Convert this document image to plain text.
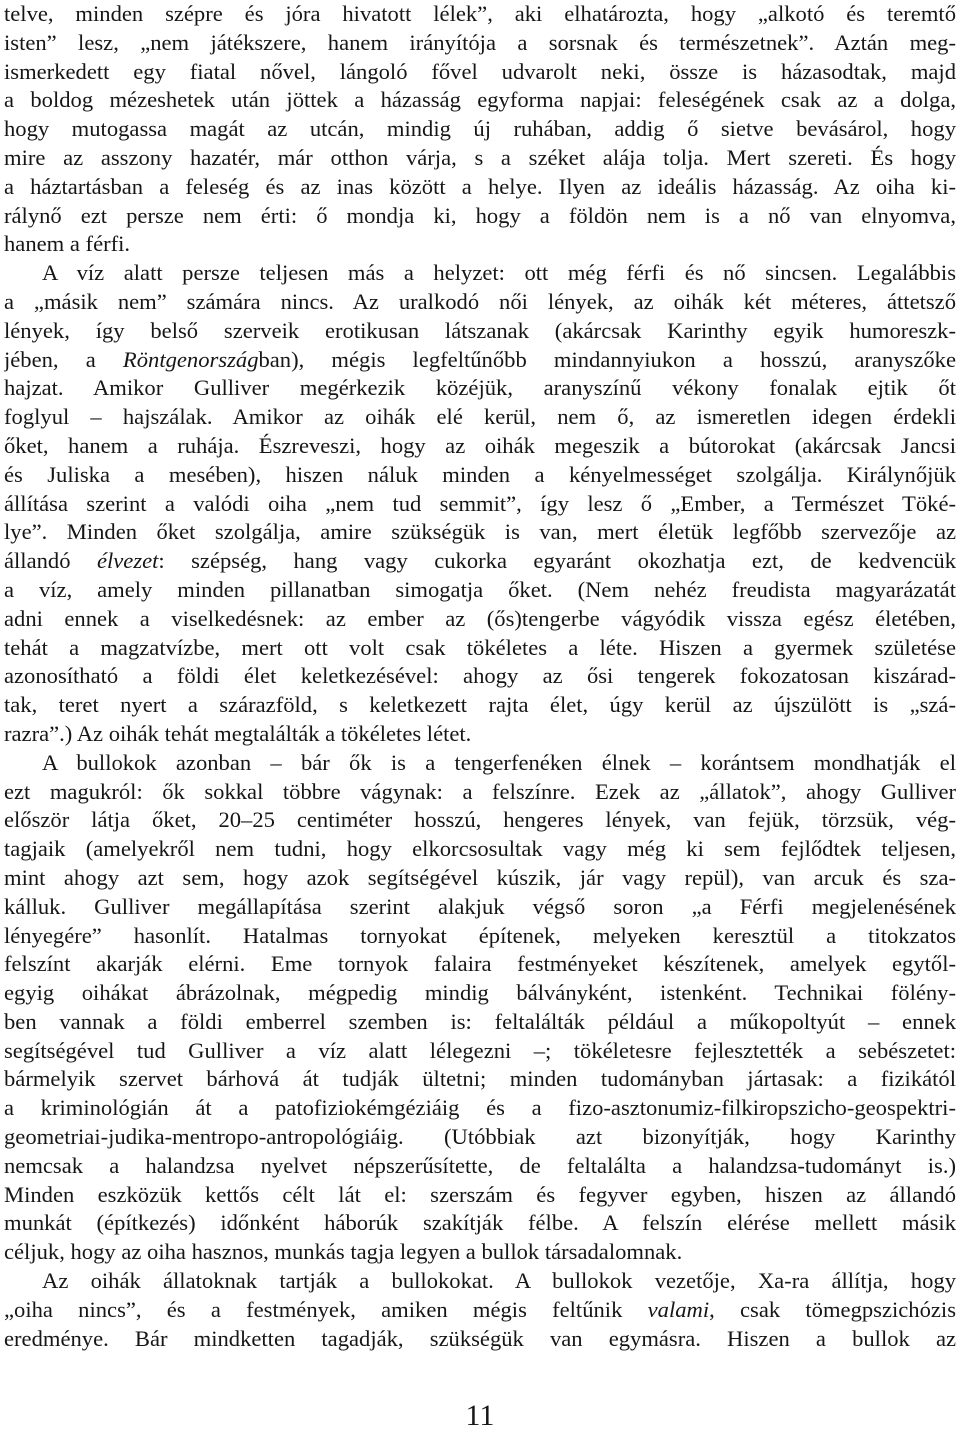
telve, minden szépre és jóra hivatott lélek”, aki elhatározta, hogy „alkotó és teremtő
isten” lesz, „nem játékszere, hanem irányítója a sorsnak és természetnek”. Aztán meg-
ismerkedett egy fiatal nővel, lángoló fővel udvarolt neki, össze is házasodtak, majd
a boldog mézeshetek után jöttek a házasság egyforma napjai: feleségének csak az a dolga,
hogy mutogassa magát az utcán, mindig új ruhában, addig ő sietve bevásárol, hogy
mire az asszony hazatér, már otthon várja, s a széket alája tolja. Mert szereti. És hogy
a háztartásban a feleség és az inas között a helye. Ilyen az ideális házasság. Az oiha ki-
rálynő ezt persze nem érti: ő mondja ki, hogy a földön nem is a nő van elnyomva,
hanem a férfi.
A víz alatt persze teljesen más a helyzet: ott még férfi és nő sincsen. Legalábbis
a „másik nem” számára nincs. Az uralkodó női lények, az oihák két méteres, áttetsző
lények, így belső szerveik erotikusan látszanak (akárcsak Karinthy egyik humoreszk-
jében, a Röntgenországban), mégis legfeltűnőbb mindannyiukon a hosszú, aranyszőke
hajzat. Amikor Gulliver megérkezik közéjük, aranyszínű vékony fonalak ejtik őt
foglyul – hajszálak. Amikor az oihák elé kerül, nem ő, az ismeretlen idegen érdekli
őket, hanem a ruhája. Észreveszi, hogy az oihák megeszik a bútorokat (akárcsak Jancsi
és Juliska a mesében), hiszen náluk minden a kényelmességet szolgálja. Királynőjük
állítása szerint a valódi oiha „nem tud semmit”, így lesz ő „Ember, a Természet Töké-
lye”. Minden őket szolgálja, amire szükségük is van, mert életük legfőbb szervezője az
állandó élvezet: szépség, hang vagy cukorka egyaránt okozhatja ezt, de kedvencük
a víz, amely minden pillanatban simogatja őket. (Nem nehéz freudista magyarázatát
adni ennek a viselkedésnek: az ember az (ős)tengerbe vágyódik vissza egész életében,
tehát a magzatvízbe, mert ott volt csak tökéletes a léte. Hiszen a gyermek születése
azonosítható a földi élet keletkezésével: ahogy az ősi tengerek fokozatosan kiszárad-
tak, teret nyert a szárazföld, s keletkezett rajta élet, úgy kerül az újszülött is „szá-
razra”.) Az oihák tehát megtalálták a tökéletes létet.
A bullokok azonban – bár ők is a tengerfenéken élnek – korántsem mondhatják el
ezt magukról: ők sokkal többre vágynak: a felszínre. Ezek az „állatok”, ahogy Gulliver
először látja őket, 20–25 centiméter hosszú, hengeres lények, van fejük, törzsük, vég-
tagjaik (amelyekről nem tudni, hogy elkorcsosultak vagy még ki sem fejlődtek teljesen,
mint ahogy azt sem, hogy azok segítségével kúszik, jár vagy repül), van arcuk és sza-
kálluk. Gulliver megállapítása szerint alakjuk végső soron „a Férfi megjelenésének
lényegére” hasonlít. Hatalmas tornyokat építenek, melyeken keresztül a titokzatos
felszínt akarják elérni. Eme tornyok falaira festményeket készítenek, amelyek egytől-
egyig oihákat ábrázolnak, mégpedig mindig bálványként, istenként. Technikai fölény-
ben vannak a földi emberrel szemben is: feltalálták például a műkopoltyút – ennek
segítségével tud Gulliver a víz alatt lélegezni –; tökéletesre fejlesztették a sebészetet:
bármelyik szervet bárhová át tudják ültetni; minden tudományban jártasak: a fizikától
a kriminológián át a patofiziokémgéziáig és a fizo-asztonumiz-filkiropszicho-geospektri-
geometriai-judika-mentropo-antropológiáig. (Utóbbiak azt bizonyítják, hogy Karinthy
nemcsak a halandzsa nyelvet népszerűsítette, de feltalálta a halandzsa-tudományt is.)
Minden eszközük kettős célt lát el: szerszám és fegyver egyben, hiszen az állandó
munkát (építkezés) időnként háborúk szakítják félbe. A felszín elérése mellett másik
céljuk, hogy az oiha hasznos, munkás tagja legyen a bullok társadalomnak.
Az oihák állatoknak tartják a bullokokat. A bullokok vezetője, Xa-ra állítja, hogy
„oiha nincs”, és a festmények, amiken mégis feltűnik valami, csak tömegpszichózis
eredménye. Bár mindketten tagadják, szükségük van egymásra. Hiszen a bullok az
11
